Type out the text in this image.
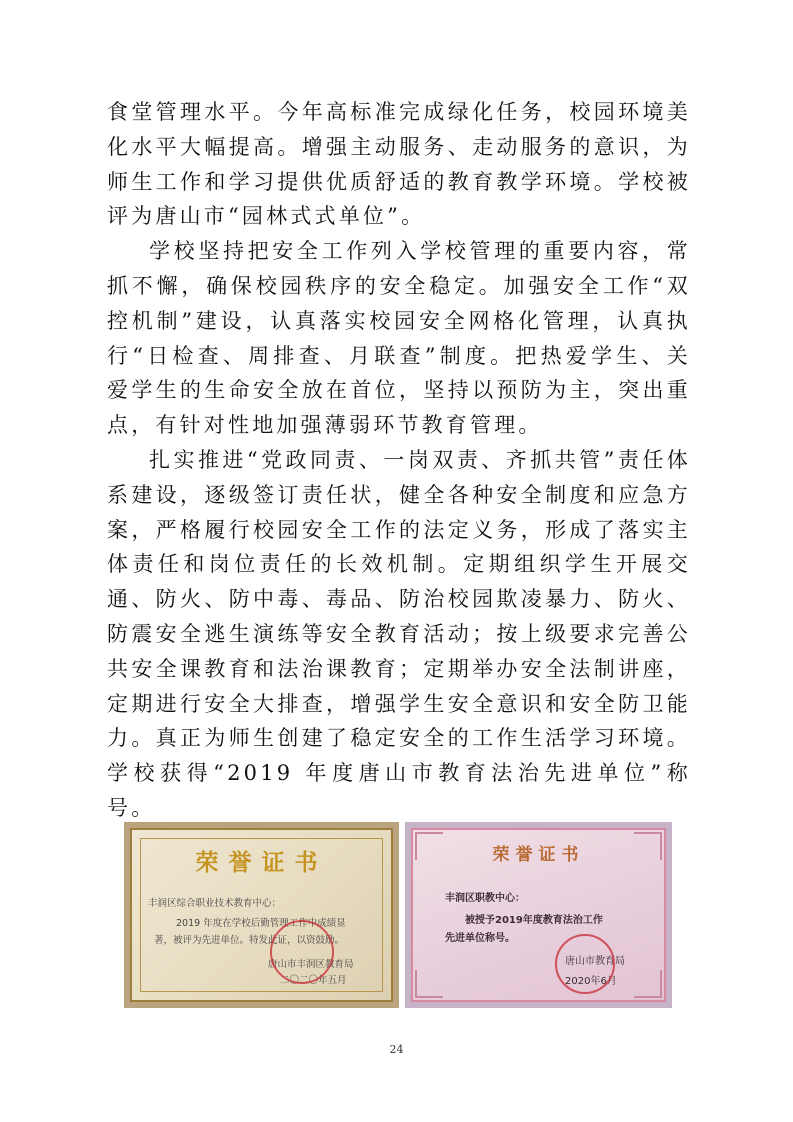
食堂管理水平。今年高标准完成绿化任务，校园环境美化水平大幅提高。增强主动服务、走动服务的意识，为师生工作和学习提供优质舒适的教育教学环境。学校被评为唐山市“园林式式单位”。

学校坚持把安全工作列入学校管理的重要内容，常抓不懈，确保校园秩序的安全稳定。加强安全工作“双控机制”建设，认真落实校园安全网格化管理，认真执行“日检查、周排查、月联查”制度。把热爱学生、关爱学生的生命安全放在首位，坚持以预防为主，突出重点，有针对性地加强薄弱环节教育管理。

扎实推进“党政同责、一岗双责、齐抓共管”责任体系建设，逐级签订责任状，健全各种安全制度和应急方案，严格履行校园安全工作的法定义务，形成了落实主体责任和岗位责任的长效机制。定期组织学生开展交通、防火、防中毒、毒品、防治校园欺凌暴力、防火、防震安全逃生演练等安全教育活动；按上级要求完善公共安全课教育和法治课教育；定期举办安全法制讲座，定期进行安全大排查，增强学生安全意识和安全防卫能力。真正为师生创建了稳定安全的工作生活学习环境。学校获得“2019 年度唐山市教育法治先进单位”称号。

荣誉证书
丰润区综合职业技术教育中心：
2019 年度在学校后勤管理工作中成绩显
著，被评为先进单位。特发此证，以资鼓励。
唐山市丰润区教育局
二〇二〇年五月
荣誉证书
丰润区职教中心：
被授予2019年度教育法治工作
先进单位称号。
唐山市教育局
2020年6月
24
